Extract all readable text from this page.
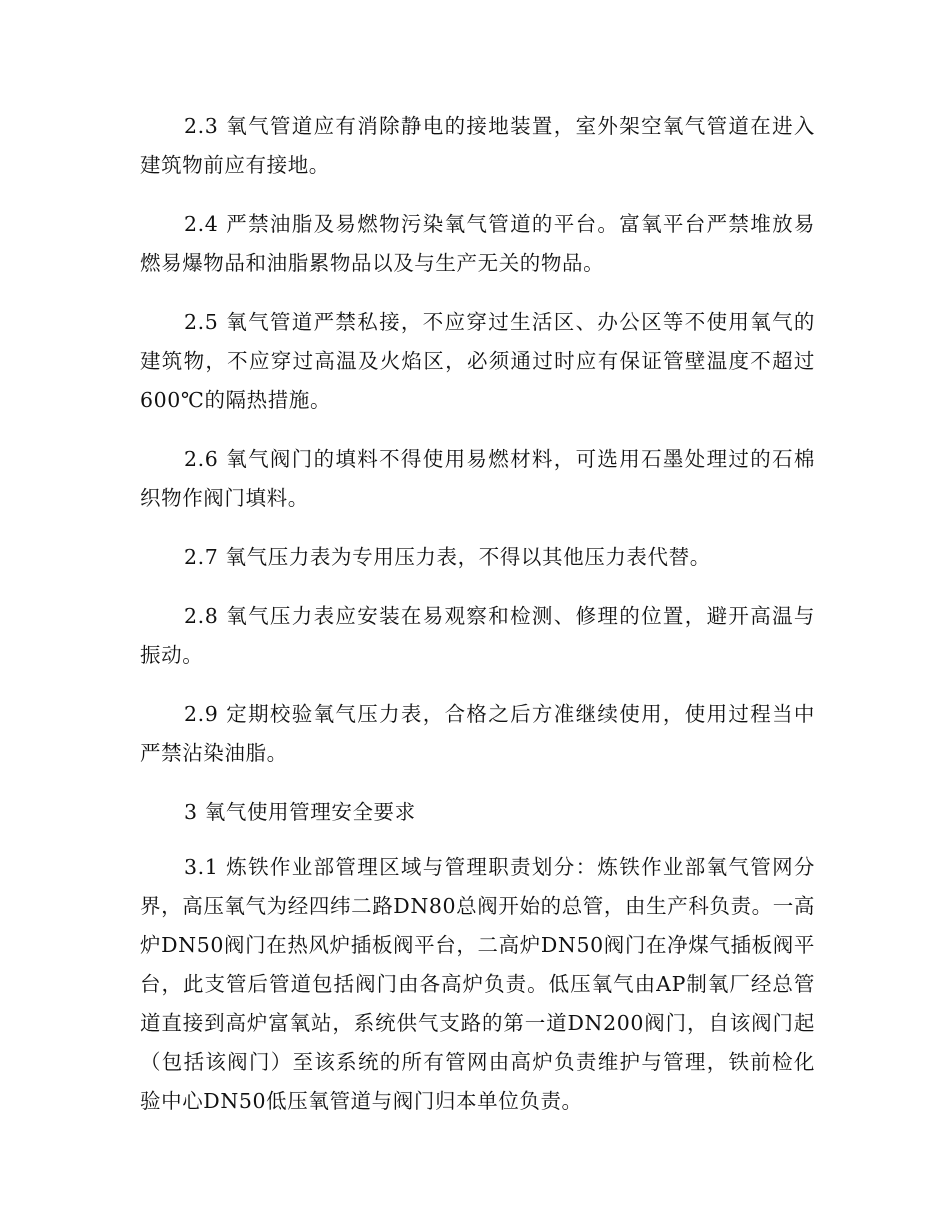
2.3 氧气管道应有消除静电的接地装置，室外架空氧气管道在进入建筑物前应有接地。

2.4 严禁油脂及易燃物污染氧气管道的平台。富氧平台严禁堆放易燃易爆物品和油脂累物品以及与生产无关的物品。

2.5 氧气管道严禁私接，不应穿过生活区、办公区等不使用氧气的建筑物，不应穿过高温及火焰区，必须通过时应有保证管壁温度不超过600℃的隔热措施。

2.6 氧气阀门的填料不得使用易燃材料，可选用石墨处理过的石棉织物作阀门填料。

2.7 氧气压力表为专用压力表，不得以其他压力表代替。

2.8 氧气压力表应安装在易观察和检测、修理的位置，避开高温与振动。

2.9 定期校验氧气压力表，合格之后方准继续使用，使用过程当中严禁沾染油脂。

3 氧气使用管理安全要求

3.1 炼铁作业部管理区域与管理职责划分：炼铁作业部氧气管网分界，高压氧气为经四纬二路DN80总阀开始的总管，由生产科负责。一高炉DN50阀门在热风炉插板阀平台，二高炉DN50阀门在净煤气插板阀平台，此支管后管道包括阀门由各高炉负责。低压氧气由AP制氧厂经总管道直接到高炉富氧站，系统供气支路的第一道DN200阀门，自该阀门起（包括该阀门）至该系统的所有管网由高炉负责维护与管理，铁前检化验中心DN50低压氧管道与阀门归本单位负责。
